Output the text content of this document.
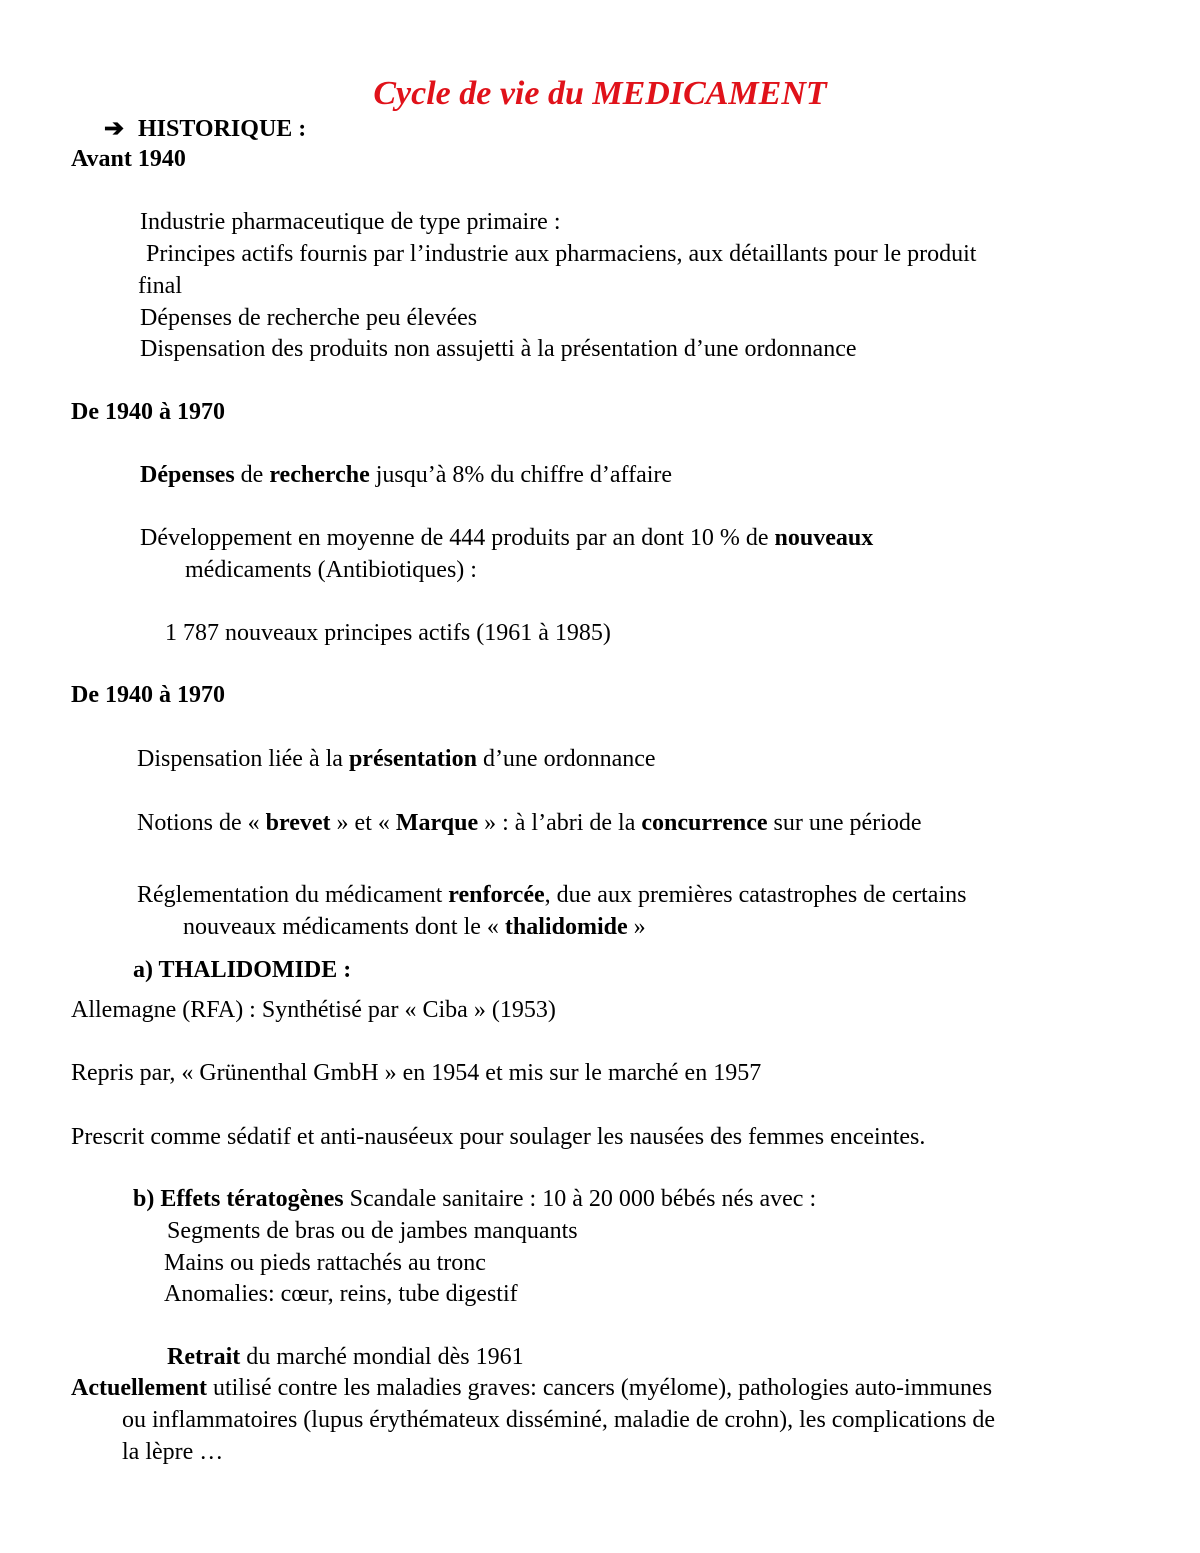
Cycle de vie du MEDICAMENT
➔ HISTORIQUE :
Avant 1940
Industrie pharmaceutique de type primaire :
Principes actifs fournis par l’industrie aux pharmaciens, aux détaillants pour le produit
final
Dépenses de recherche peu élevées
Dispensation des produits non assujetti à la présentation d’une ordonnance
De 1940 à 1970
Dépenses de recherche jusqu’à 8% du chiffre d’affaire
Développement en moyenne de 444 produits par an dont 10 % de nouveaux
médicaments (Antibiotiques) :
1 787 nouveaux principes actifs (1961 à 1985)
De 1940 à 1970
Dispensation liée à la présentation d’une ordonnance
Notions de « brevet » et « Marque » : à l’abri de la concurrence sur une période
Réglementation du médicament renforcée, due aux premières catastrophes de certains
nouveaux médicaments dont le « thalidomide »
a) THALIDOMIDE :
Allemagne (RFA) : Synthétisé par « Ciba » (1953)
Repris par, « Grünenthal GmbH » en 1954 et mis sur le marché en 1957
Prescrit comme sédatif et anti-nauséeux pour soulager les nausées des femmes enceintes.
b) Effets tératogènes Scandale sanitaire : 10 à 20 000 bébés nés avec :
Segments de bras ou de jambes manquants
Mains ou pieds rattachés au tronc
Anomalies: cœur, reins, tube digestif
Retrait du marché mondial dès 1961
Actuellement utilisé contre les maladies graves: cancers (myélome), pathologies auto-immunes
ou inflammatoires (lupus érythémateux disséminé, maladie de crohn), les complications de
la lèpre …
